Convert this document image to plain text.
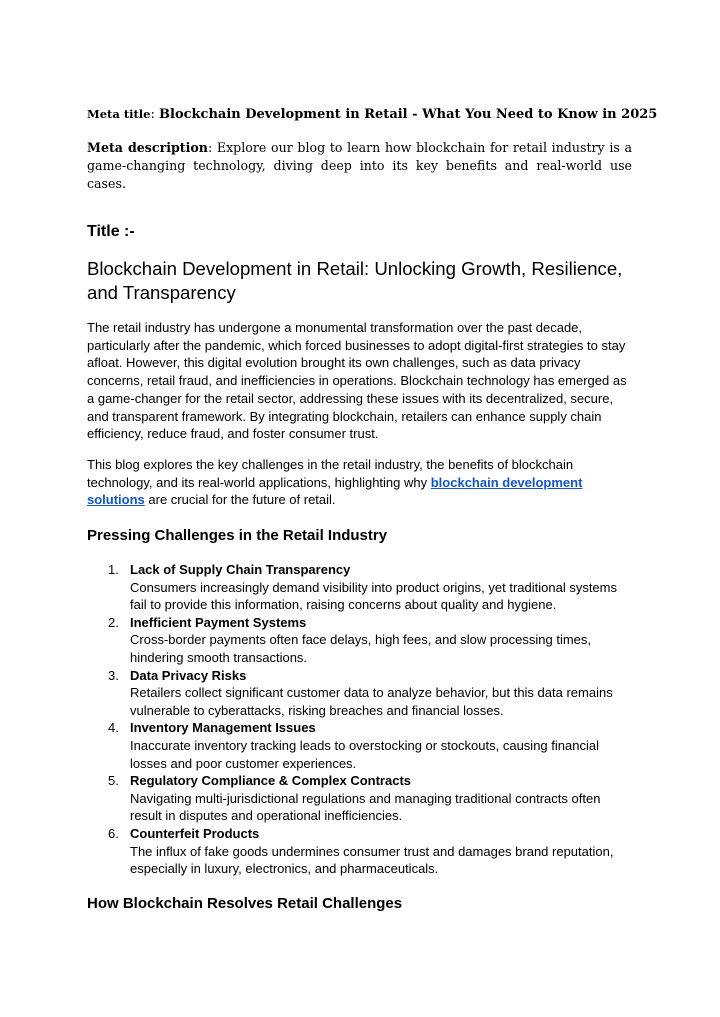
Meta title: Blockchain Development in Retail - What You Need to Know in 2025
Meta description: Explore our blog to learn how blockchain for retail industry is a game-changing technology, diving deep into its key benefits and real-world use cases.
Title :-
Blockchain Development in Retail: Unlocking Growth, Resilience, and Transparency

The retail industry has undergone a monumental transformation over the past decade, particularly after the pandemic, which forced businesses to adopt digital-first strategies to stay afloat. However, this digital evolution brought its own challenges, such as data privacy concerns, retail fraud, and inefficiencies in operations. Blockchain technology has emerged as a game-changer for the retail sector, addressing these issues with its decentralized, secure, and transparent framework. By integrating blockchain, retailers can enhance supply chain efficiency, reduce fraud, and foster consumer trust.

This blog explores the key challenges in the retail industry, the benefits of blockchain technology, and its real-world applications, highlighting why blockchain development solutions are crucial for the future of retail.

Pressing Challenges in the Retail Industry
1. Lack of Supply Chain Transparency
Consumers increasingly demand visibility into product origins, yet traditional systems fail to provide this information, raising concerns about quality and hygiene.
2. Inefficient Payment Systems
Cross-border payments often face delays, high fees, and slow processing times, hindering smooth transactions.
3. Data Privacy Risks
Retailers collect significant customer data to analyze behavior, but this data remains vulnerable to cyberattacks, risking breaches and financial losses.
4. Inventory Management Issues
Inaccurate inventory tracking leads to overstocking or stockouts, causing financial losses and poor customer experiences.
5. Regulatory Compliance & Complex Contracts
Navigating multi-jurisdictional regulations and managing traditional contracts often result in disputes and operational inefficiencies.
6. Counterfeit Products
The influx of fake goods undermines consumer trust and damages brand reputation, especially in luxury, electronics, and pharmaceuticals.
How Blockchain Resolves Retail Challenges
